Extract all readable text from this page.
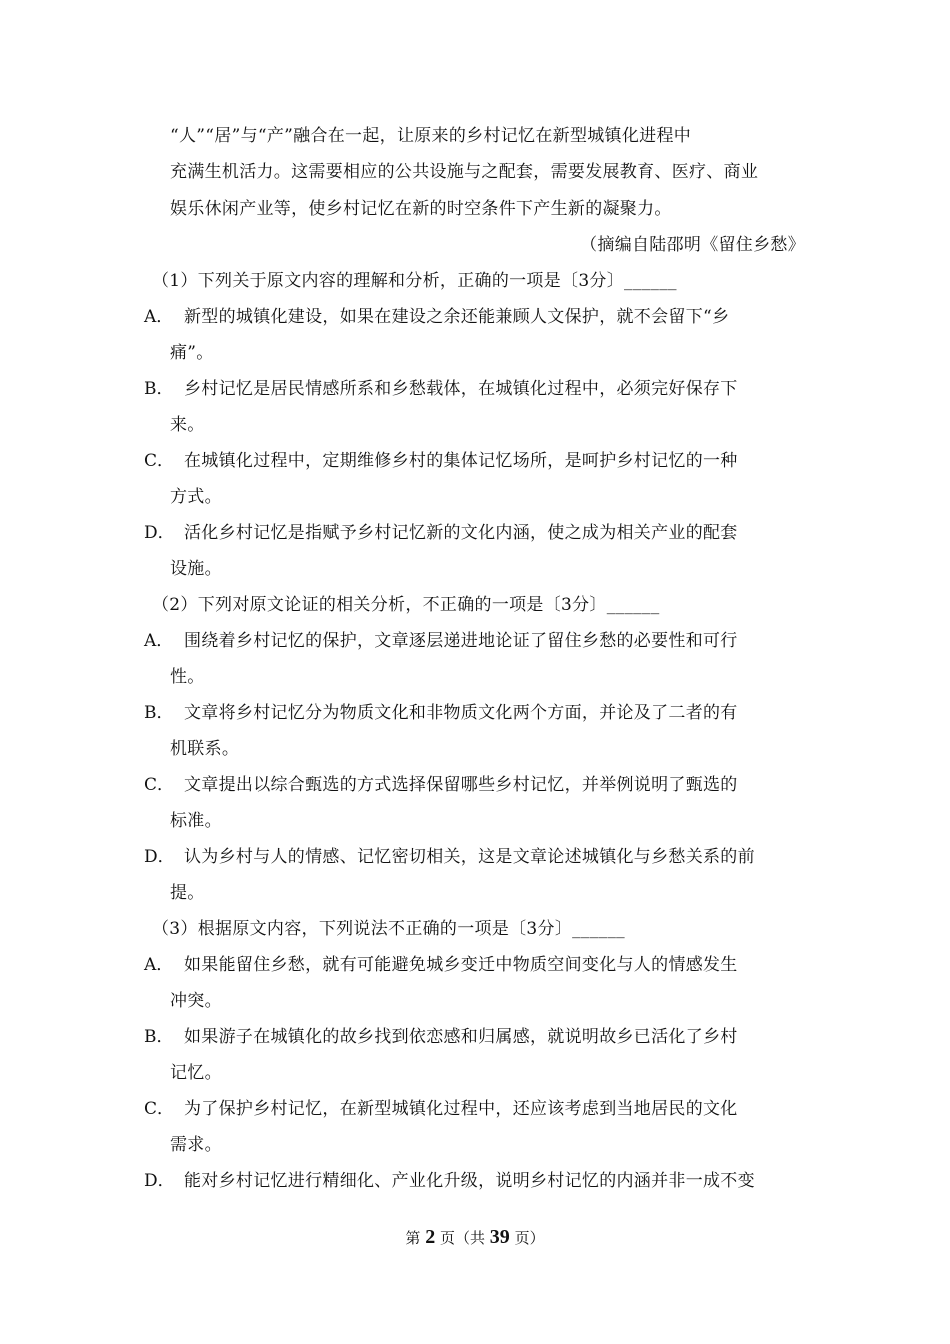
“人”“居”与“产”融合在一起，让原来的乡村记忆在新型城镇化进程中
充满生机活力。这需要相应的公共设施与之配套，需要发展教育、医疗、商业
娱乐休闲产业等，使乡村记忆在新的时空条件下产生新的凝聚力。
（摘编自陆邵明《留住乡愁》
（1）下列关于原文内容的理解和分析，正确的一项是〔3分〕______
A． 新型的城镇化建设，如果在建设之余还能兼顾人文保护，就不会留下“乡
痛”。
B． 乡村记忆是居民情感所系和乡愁载体，在城镇化过程中，必须完好保存下
来。
C． 在城镇化过程中，定期维修乡村的集体记忆场所，是呵护乡村记忆的一种
方式。
D． 活化乡村记忆是指赋予乡村记忆新的文化内涵，使之成为相关产业的配套
设施。
（2）下列对原文论证的相关分析，不正确的一项是〔3分〕______
A． 围绕着乡村记忆的保护，文章逐层递进地论证了留住乡愁的必要性和可行
性。
B． 文章将乡村记忆分为物质文化和非物质文化两个方面，并论及了二者的有
机联系。
C． 文章提出以综合甄选的方式选择保留哪些乡村记忆，并举例说明了甄选的
标准。
D． 认为乡村与人的情感、记忆密切相关，这是文章论述城镇化与乡愁关系的前
提。
（3）根据原文内容，下列说法不正确的一项是〔3分〕______
A． 如果能留住乡愁，就有可能避免城乡变迁中物质空间变化与人的情感发生
冲突。
B． 如果游子在城镇化的故乡找到依恋感和归属感，就说明故乡已活化了乡村
记忆。
C． 为了保护乡村记忆，在新型城镇化过程中，还应该考虑到当地居民的文化
需求。
D． 能对乡村记忆进行精细化、产业化升级，说明乡村记忆的内涵并非一成不变
第 2 页（共 39 页）
